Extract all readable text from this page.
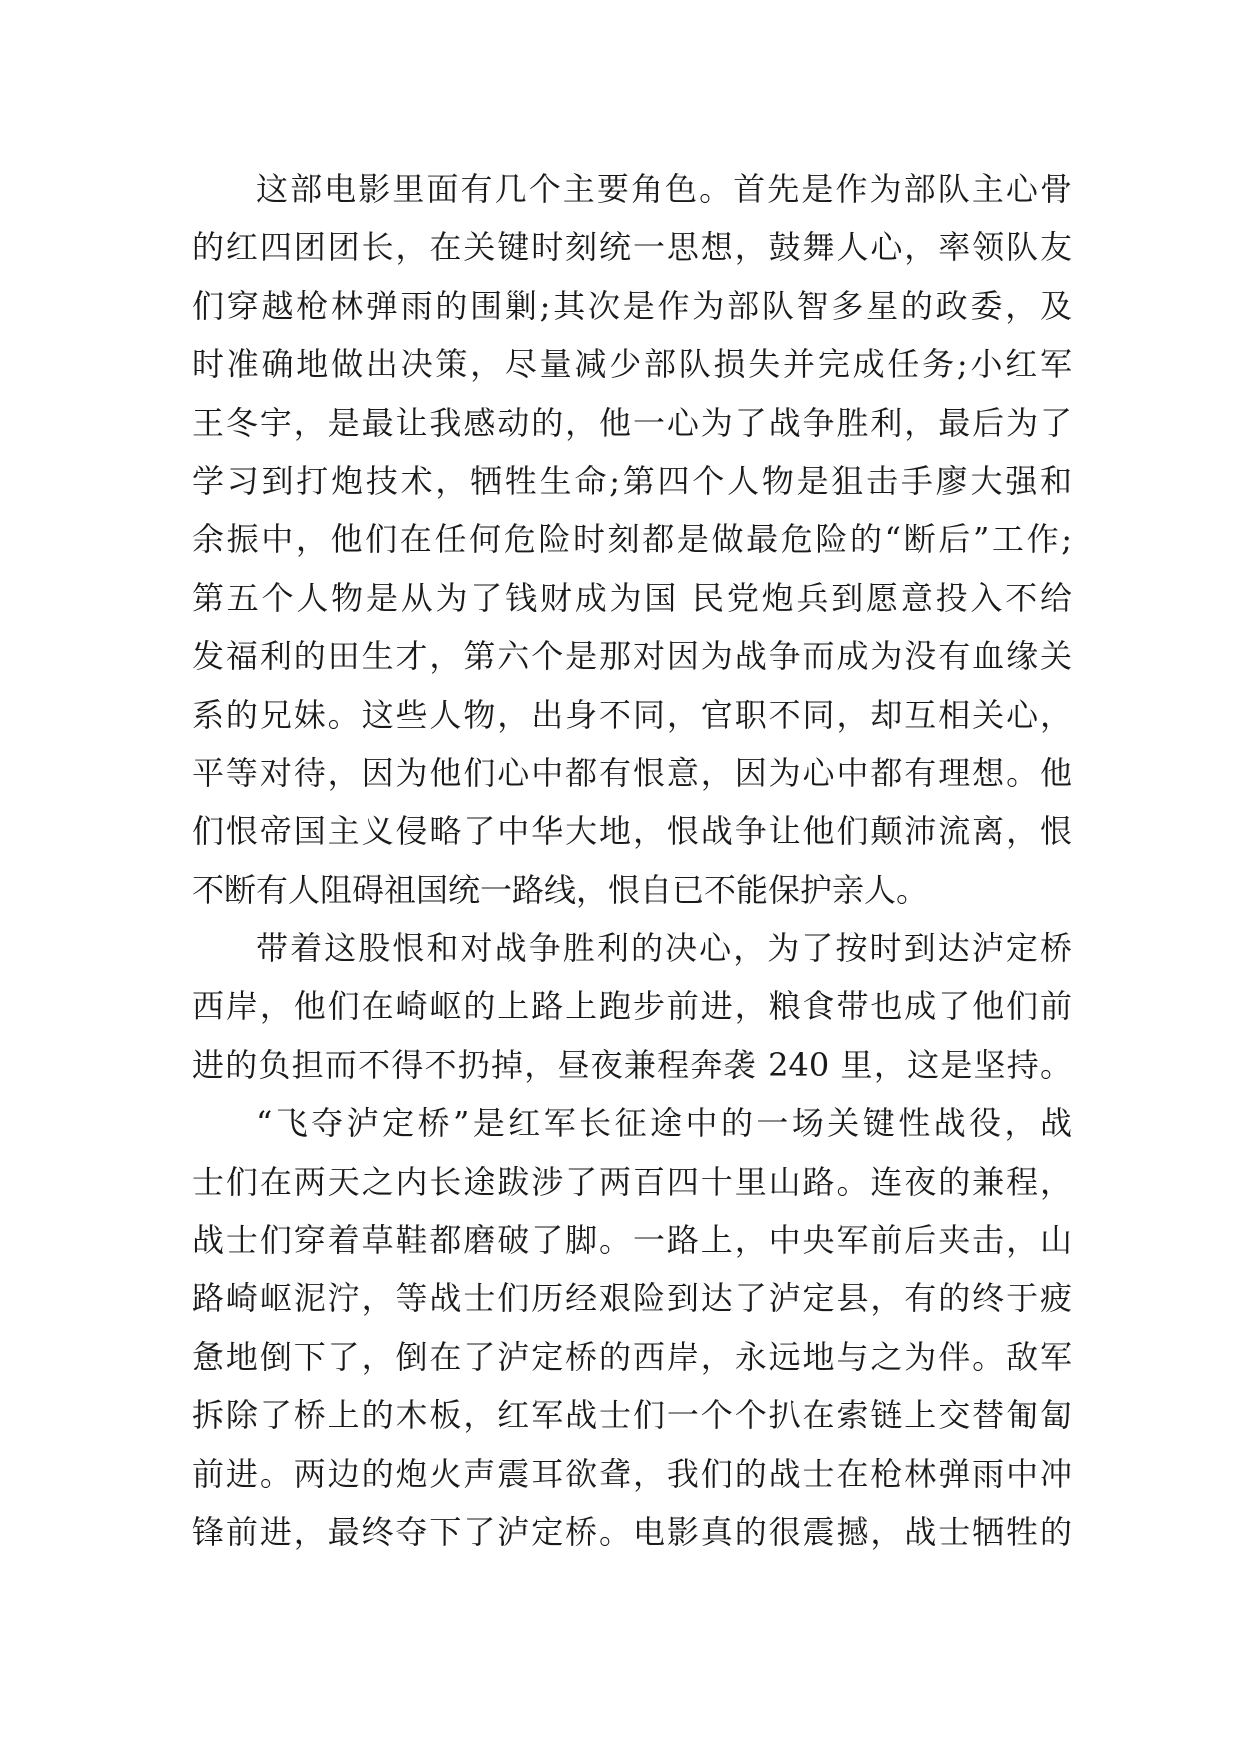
这部电影里面有几个主要角色。首先是作为部队主心骨
的红四团团长，在关键时刻统一思想，鼓舞人心，率领队友
们穿越枪林弹雨的围剿;其次是作为部队智多星的政委，及
时准确地做出决策，尽量减少部队损失并完成任务;小红军
王冬宇，是最让我感动的，他一心为了战争胜利，最后为了
学习到打炮技术，牺牲生命;第四个人物是狙击手廖大强和
余振中，他们在任何危险时刻都是做最危险的“断后”工作;
第五个人物是从为了钱财成为国 民党炮兵到愿意投入不给
发福利的田生才，第六个是那对因为战争而成为没有血缘关
系的兄妹。这些人物，出身不同，官职不同，却互相关心，
平等对待，因为他们心中都有恨意，因为心中都有理想。他
们恨帝国主义侵略了中华大地，恨战争让他们颠沛流离，恨
不断有人阻碍祖国统一路线，恨自已不能保护亲人。
带着这股恨和对战争胜利的决心，为了按时到达泸定桥
西岸，他们在崎岖的上路上跑步前进，粮食带也成了他们前
进的负担而不得不扔掉，昼夜兼程奔袭 240 里，这是坚持。
“飞夺泸定桥”是红军长征途中的一场关键性战役，战
士们在两天之内长途跋涉了两百四十里山路。连夜的兼程，
战士们穿着草鞋都磨破了脚。一路上，中央军前后夹击，山
路崎岖泥泞，等战士们历经艰险到达了泸定县，有的终于疲
惫地倒下了，倒在了泸定桥的西岸，永远地与之为伴。敌军
拆除了桥上的木板，红军战士们一个个扒在索链上交替匍匐
前进。两边的炮火声震耳欲聋，我们的战士在枪林弹雨中冲
锋前进，最终夺下了泸定桥。电影真的很震撼，战士牺牲的
